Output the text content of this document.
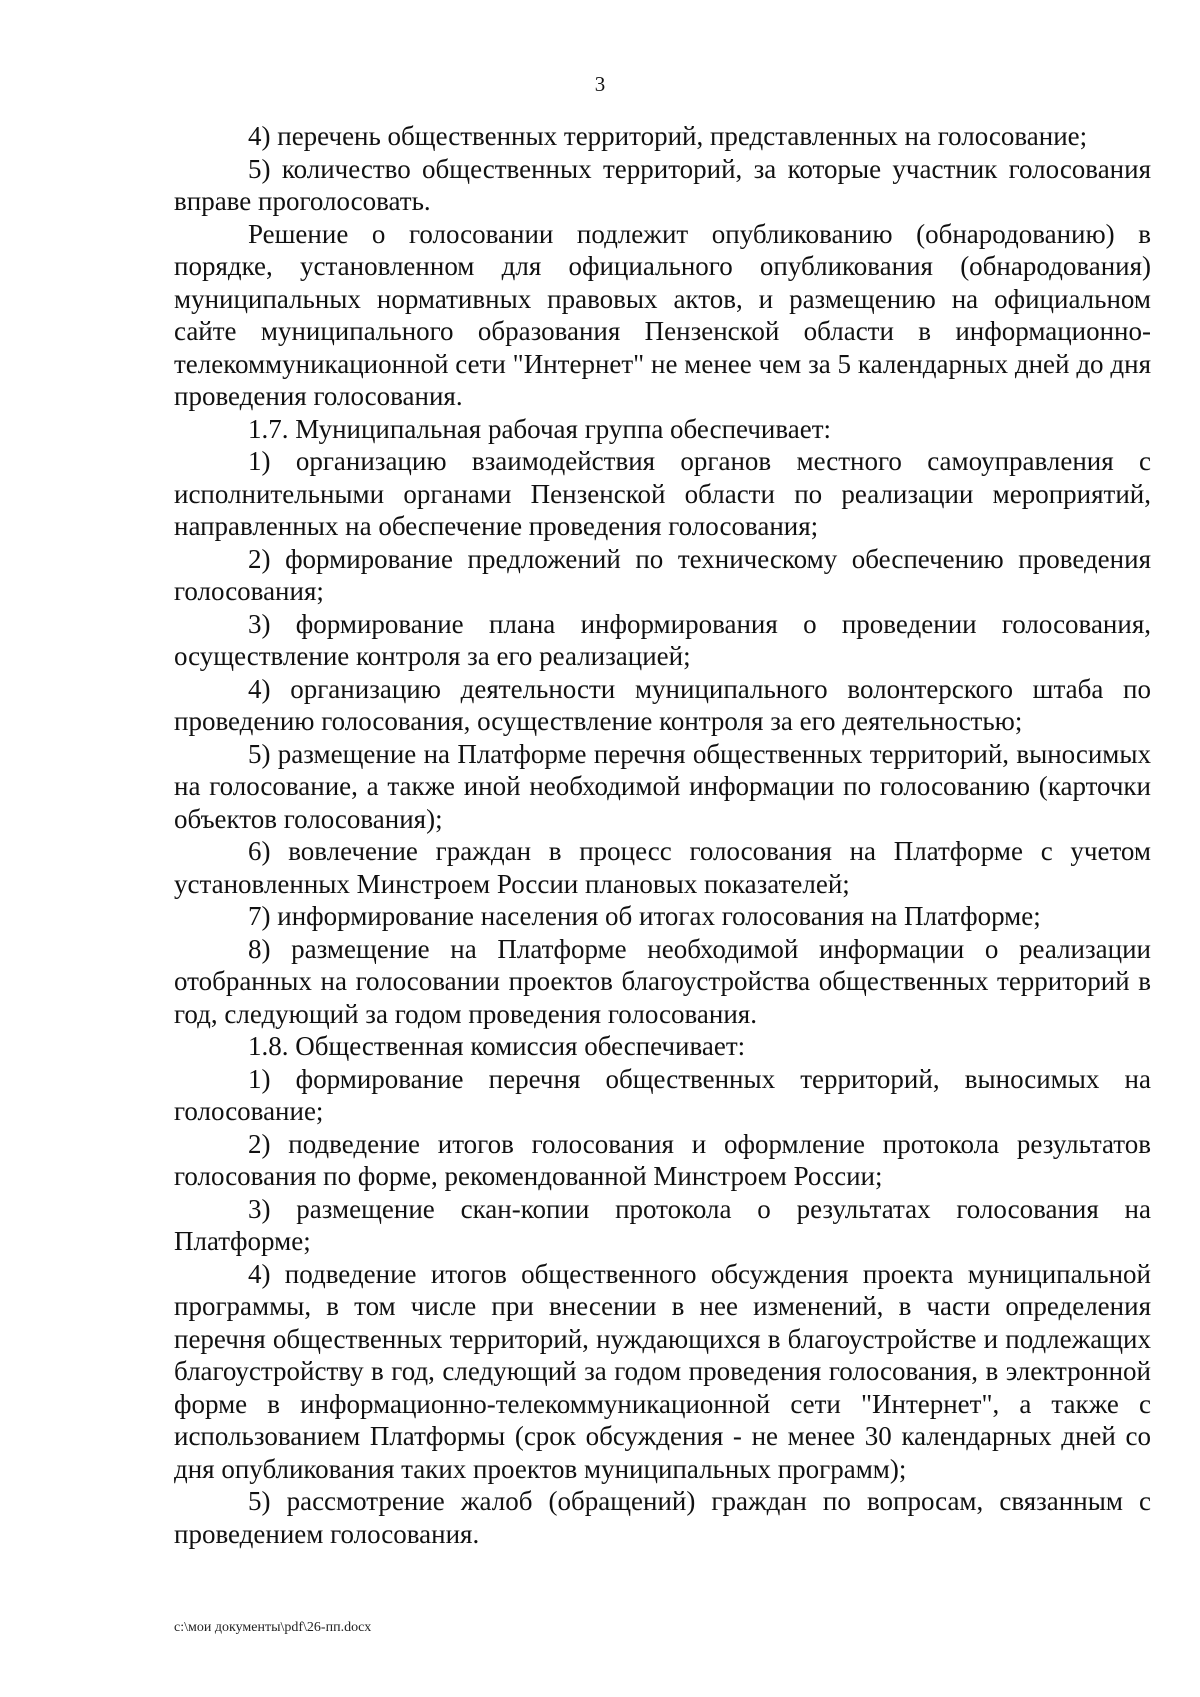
3

4) перечень общественных территорий, представленных на голосование;

5) количество общественных территорий, за которые участник голосования вправе проголосовать.

Решение о голосовании подлежит опубликованию (обнародованию) в порядке, установленном для официального опубликования (обнародования) муниципальных нормативных правовых актов, и размещению на официальном сайте муниципального образования Пензенской области в информационно-телекоммуникационной сети "Интернет" не менее чем за 5 календарных дней до дня проведения голосования.

1.7. Муниципальная рабочая группа обеспечивает:

1) организацию взаимодействия органов местного самоуправления с исполнительными органами Пензенской области по реализации мероприятий, направленных на обеспечение проведения голосования;

2) формирование предложений по техническому обеспечению проведения голосования;

3) формирование плана информирования о проведении голосования, осуществление контроля за его реализацией;

4) организацию деятельности муниципального волонтерского штаба по проведению голосования, осуществление контроля за его деятельностью;

5) размещение на Платформе перечня общественных территорий, выносимых на голосование, а также иной необходимой информации по голосованию (карточки объектов голосования);

6) вовлечение граждан в процесс голосования на Платформе с учетом установленных Минстроем России плановых показателей;

7) информирование населения об итогах голосования на Платформе;

8) размещение на Платформе необходимой информации о реализации отобранных на голосовании проектов благоустройства общественных территорий в год, следующий за годом проведения голосования.

1.8. Общественная комиссия обеспечивает:

1) формирование перечня общественных территорий, выносимых на голосование;

2) подведение итогов голосования и оформление протокола результатов голосования по форме, рекомендованной Минстроем России;

3) размещение скан-копии протокола о результатах голосования на Платформе;

4) подведение итогов общественного обсуждения проекта муниципальной программы, в том числе при внесении в нее изменений, в части определения перечня общественных территорий, нуждающихся в благоустройстве и подлежащих благоустройству в год, следующий за годом проведения голосования, в электронной форме в информационно-телекоммуникационной сети "Интернет", а также с использованием Платформы (срок обсуждения - не менее 30 календарных дней со дня опубликования таких проектов муниципальных программ);

5) рассмотрение жалоб (обращений) граждан по вопросам, связанным с проведением голосования.

c:\мои документы\pdf\26-пп.docx
